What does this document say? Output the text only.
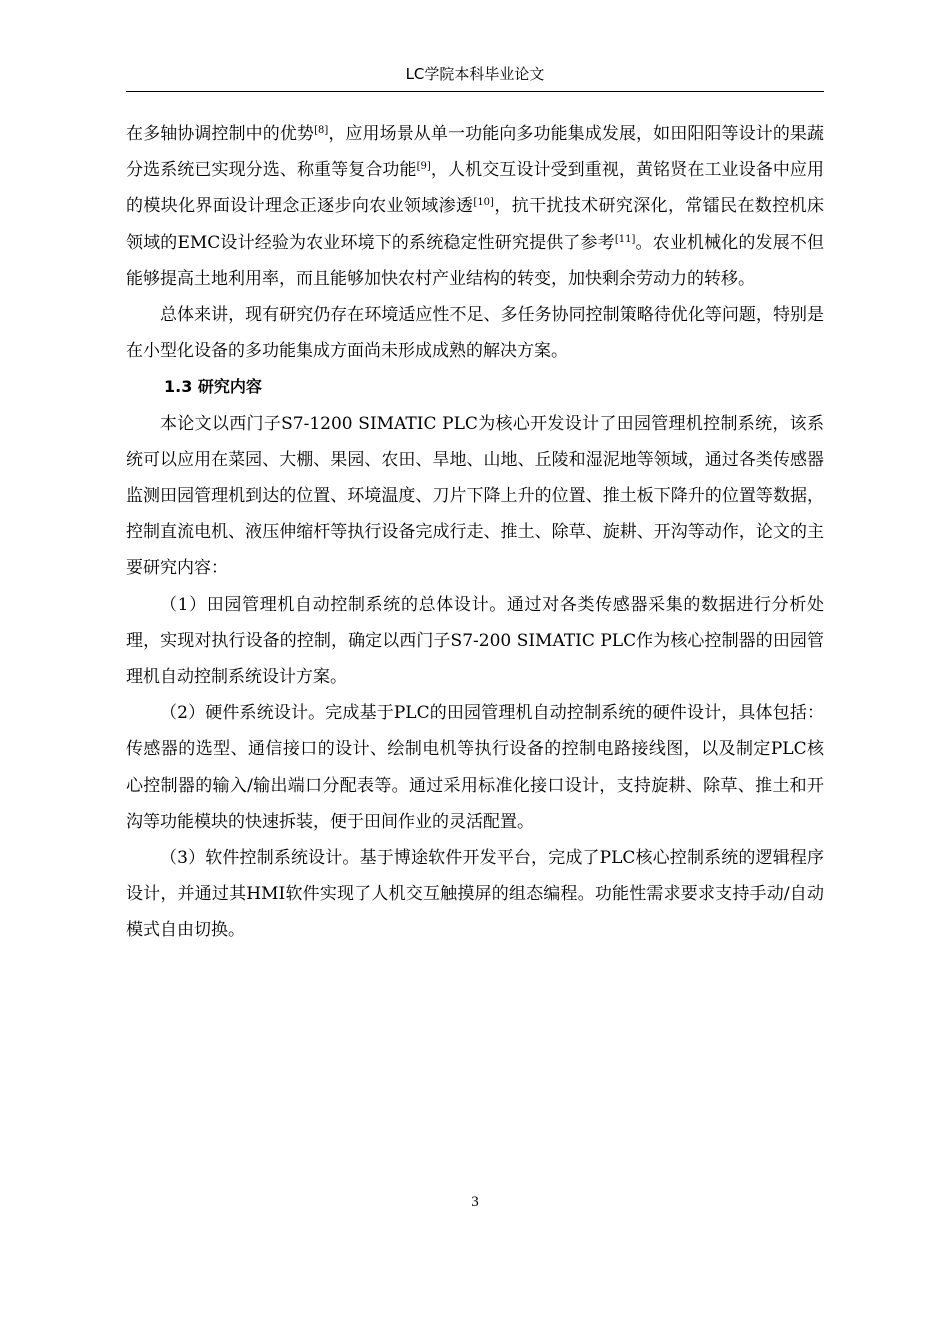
LC学院本科毕业论文

在多轴协调控制中的优势[8]，应用场景从单一功能向多功能集成发展，如田阳阳等设计的果蔬分选系统已实现分选、称重等复合功能[9]，人机交互设计受到重视，黄铭贤在工业设备中应用的模块化界面设计理念正逐步向农业领域渗透[10]，抗干扰技术研究深化，常镭民在数控机床领域的EMC设计经验为农业环境下的系统稳定性研究提供了参考[11]。农业机械化的发展不但能够提高土地利用率，而且能够加快农村产业结构的转变，加快剩余劳动力的转移。

总体来讲，现有研究仍存在环境适应性不足、多任务协同控制策略待优化等问题，特别是在小型化设备的多功能集成方面尚未形成成熟的解决方案。

1.3 研究内容

本论文以西门子S7-1200 SIMATIC PLC为核心开发设计了田园管理机控制系统，该系统可以应用在菜园、大棚、果园、农田、旱地、山地、丘陵和湿泥地等领域，通过各类传感器监测田园管理机到达的位置、环境温度、刀片下降上升的位置、推土板下降升的位置等数据，控制直流电机、液压伸缩杆等执行设备完成行走、推土、除草、旋耕、开沟等动作，论文的主要研究内容：

（1）田园管理机自动控制系统的总体设计。通过对各类传感器采集的数据进行分析处理，实现对执行设备的控制，确定以西门子S7-200 SIMATIC PLC作为核心控制器的田园管理机自动控制系统设计方案。

（2）硬件系统设计。完成基于PLC的田园管理机自动控制系统的硬件设计，具体包括：传感器的选型、通信接口的设计、绘制电机等执行设备的控制电路接线图，以及制定PLC核心控制器的输入/输出端口分配表等。通过采用标准化接口设计，支持旋耕、除草、推土和开沟等功能模块的快速拆装，便于田间作业的灵活配置。

（3）软件控制系统设计。基于博途软件开发平台，完成了PLC核心控制系统的逻辑程序设计，并通过其HMI软件实现了人机交互触摸屏的组态编程。功能性需求要求支持手动/自动模式自由切换。

3
